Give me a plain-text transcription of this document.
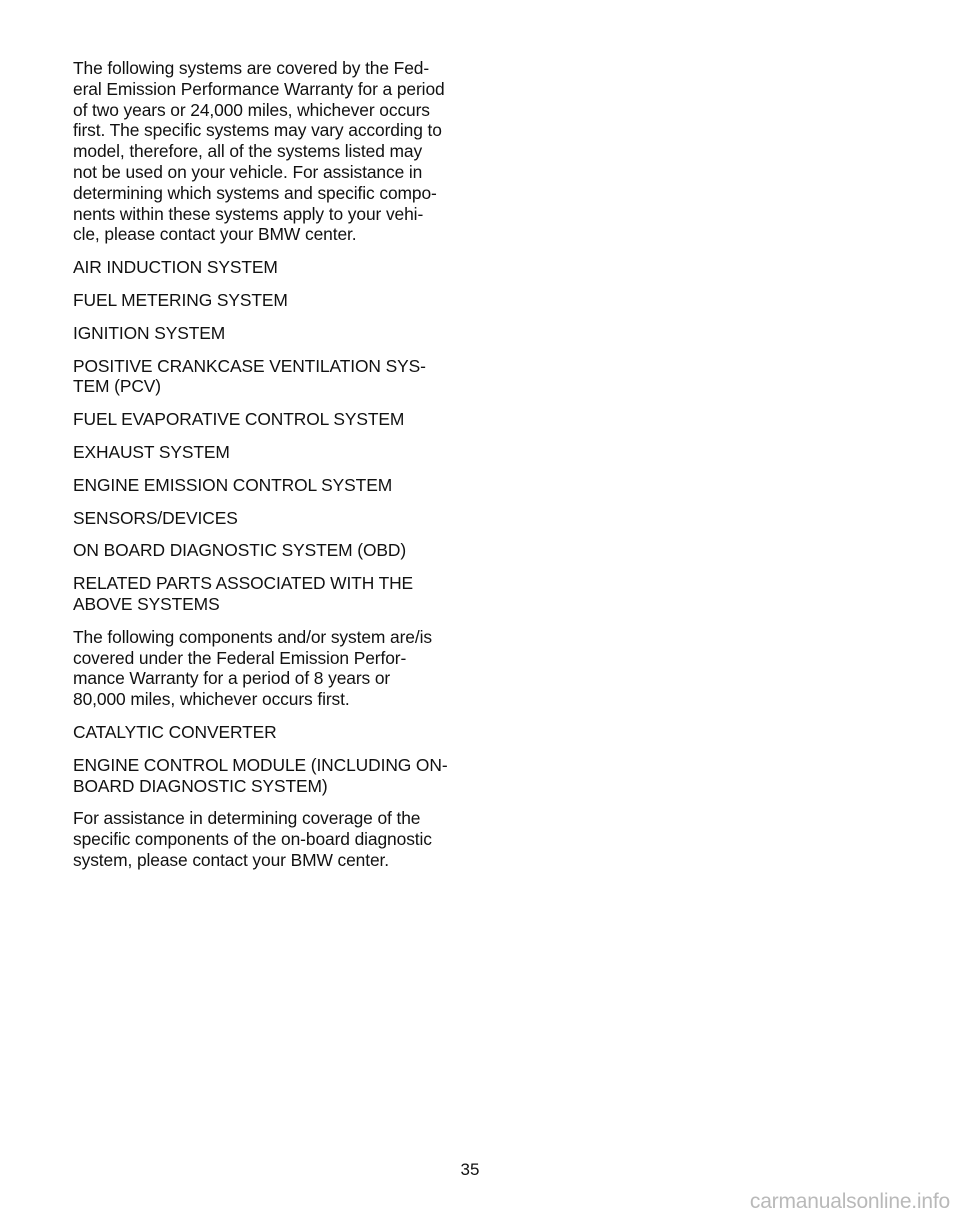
The following systems are covered by the Fed-
eral Emission Performance Warranty for a period
of two years or 24,000 miles, whichever occurs
first. The specific systems may vary according to
model, therefore, all of the systems listed may
not be used on your vehicle. For assistance in
determining which systems and specific compo-
nents within these systems apply to your vehi-
cle, please contact your BMW center.

AIR INDUCTION SYSTEM

FUEL METERING SYSTEM

IGNITION SYSTEM

POSITIVE CRANKCASE VENTILATION SYS-
TEM (PCV)

FUEL EVAPORATIVE CONTROL SYSTEM

EXHAUST SYSTEM

ENGINE EMISSION CONTROL SYSTEM

SENSORS/DEVICES

ON BOARD DIAGNOSTIC SYSTEM (OBD)

RELATED PARTS ASSOCIATED WITH THE
ABOVE SYSTEMS

The following components and/or system are/is
covered under the Federal Emission Perfor-
mance Warranty for a period of 8 years or
80,000 miles, whichever occurs first.

CATALYTIC CONVERTER

ENGINE CONTROL MODULE (INCLUDING ON-
BOARD DIAGNOSTIC SYSTEM)

For assistance in determining coverage of the
specific components of the on-board diagnostic
system, please contact your BMW center.

35
carmanualsonline.info
